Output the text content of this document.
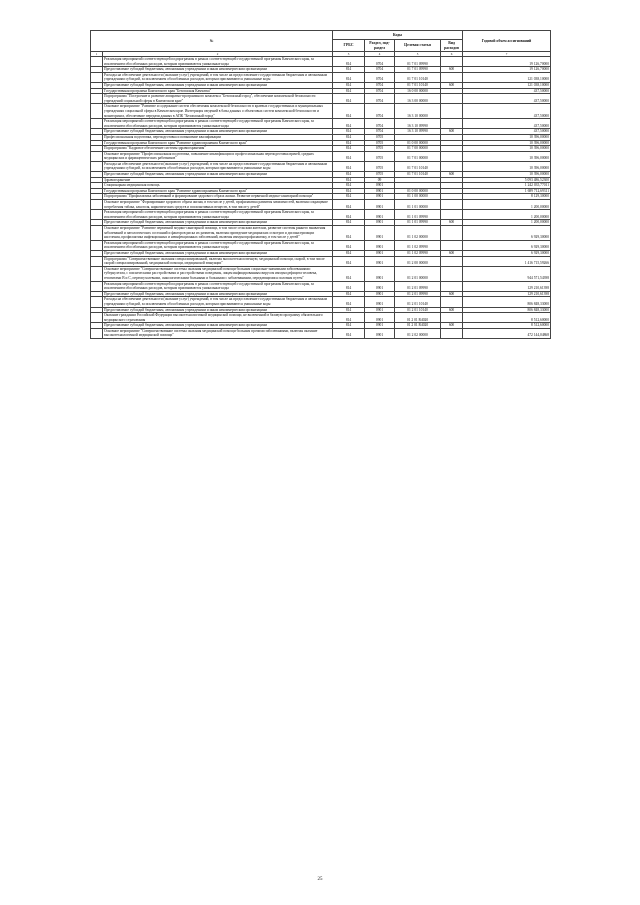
№		Коды				Годовой объем ассигнований
		ГРБС	Раздел, под-раздел	Целевая статья	Вид расходов	
1	2	3	4	5	6	7
	Реализация мероприятий соответствующей подпрограммы в рамках соответствующей государственной программы Камчатского края, за исключением обособленных расходов, которым присваиваются уникальные коды	814	0704	01 7 01 09990		19 126,70000
	Предоставление субсидий бюджетным, автономным учреждениям и иным некоммерческим организациям	814	0704	01 7 01 09990	600	19 126,70000
	Расходы на обеспечение деятельности (оказание услуг) учреждений, в том числе на предоставление государственным бюджетным и автономным учреждениям субсидий, за исключением обособленных расходов, которым присваиваются уникальные коды	814	0704	01 7 01 10140		121 038,10000
	Предоставление субсидий бюджетным, автономным учреждениям и иным некоммерческим организациям	814	0704	01 7 01 10140	600	121 038,10000
	Государственная программа Камчатского края "Безопасная Камчатка"	814	0704	16 0 00 00000		437,50000
	Подпрограмма "Построение и развитие аппаратно-программного комплекса "Безопасный город", обеспечение комплексной безопасности учреждений социальной сферы в Камчатском крае"	814	0704	16 3 00 00000		437,50000
	Основное мероприятие "Развитие и содержание систем обеспечения комплексной безопасности в краевых государственных и муниципальных учреждениях социальной сферы в Камчатском крае. Интеграция сведений в базы данных о объектовых систем комплексной безопасности и мониторинга, обеспечение передачи данных в АПК "Безопасный город"	814	0704	16 3 10 00000		437,50000
	Реализация мероприятий соответствующей подпрограммы в рамках соответствующей государственной программы Камчатского края, за исключением обособленных расходов, которым присваиваются уникальные коды	814	0704	16 3 10 09990		437,50000
	Предоставление субсидий бюджетным, автономным учреждениям и иным некоммерческим организациям	814	0704	16 3 10 09990	600	437,50000
	Профессиональная подготовка, переподготовка и повышение квалификации	814	0705			10 396,00000
	Государственная программа Камчатского края "Развитие здравоохранения Камчатского края"	814	0705	01 0 00 00000		10 396,00000
	Подпрограмма "Кадровое обеспечение системы здравоохранения"	814	0705	01 7 00 00000		10 396,00000
	Основное мероприятие "Профессиональная подготовка, повышение квалификации и профессиональная переподготовка врачей, средних медицинских и фармацевтических работников"	814	0705	01 7 01 00000		10 396,00000
	Расходы на обеспечение деятельности (оказание услуг) учреждений, в том числе на предоставление государственным бюджетным и автономным учреждениям субсидий, за исключением обособленных расходов, которым присваиваются уникальные коды	814	0705	01 7 01 10140		10 396,00000
	Предоставление субсидий бюджетным, автономным учреждениям и иным некоммерческим организациям	814	0705	01 7 01 10140	600	10 396,00000
	Здравоохранение	814	09			5 093 486,52300
	Стационарная медицинская помощь	814	0901			1 242 035,77011
	Государственная программа Камчатского края "Развитие здравоохранения Камчатского края"	814	0901	01 0 00 00000		1 689 712,69311
	Подпрограмма "Профилактика заболеваний и формирование здорового образа жизни. Развитие первичной медико-санитарной помощи"	814	0901	01 1 00 00000		8 129,30000
	Основное мероприятие "Формирование здорового образа жизни, в том числе у детей, профилактика развития зависимостей, включая сокращение потребления табака, алкоголя, наркотических средств и психоактивных веществ, в том числе у детей"	814	0901	01 1 01 00000		1 200,00000
	Реализация мероприятий соответствующей подпрограммы в рамках соответствующей государственной программы Камчатского края, за исключением обособленных расходов, которым присваиваются уникальные коды	814	0901	01 1 01 09990		1 200,00000
	Предоставление субсидий бюджетным, автономным учреждениям и иным некоммерческим организациям	814	0901	01 1 01 09990	600	1 200,00000
	Основное мероприятие "Развитие первичной медико-санитарной помощи, в том числе сельским жителям, развитие системы раннего выявления заболеваний и патологических состояний и факторов риска их развития, включая проведение медицинских осмотров и диспансеризации населения, профилактика инфекционных и неинфекционных заболеваний, включая иммунопрофилактику, в том числе у детей"	814	0901	01 1 02 00000		6 929,30000
	Реализация мероприятий соответствующей подпрограммы в рамках соответствующей государственной программы Камчатского края, за исключением обособленных расходов, которым присваиваются уникальные коды	814	0901	01 1 02 09990		6 929,30000
	Предоставление субсидий бюджетным, автономным учреждениям и иным некоммерческим организациям	814	0901	01 1 02 09990	600	6 929,30000
	Подпрограмма "Совершенствование оказания специализированной, включая высокотехнологичную, медицинской помощи, скорой, в том числе скорой специализированной, медицинской помощи, медицинской эвакуации"	814	0901	01 2 00 00000		1 416 715,59266
	Основное мероприятие "Совершенствование системы оказания медицинской помощи больным социально-значимыми заболеваниями: туберкулезом, с психическими расстройствами и расстройствами поведения, лицам инфицированным вирусом иммунодефицита человека, гепатитами В и С, переопухолевыми, онкологическими больными и больными с заболеваниями, передающимися половым путем"	814	0901	01 2 01 00000		944 571,54398
	Реализация мероприятий соответствующей подпрограммы в рамках соответствующей государственной программы Камчатского края, за исключением обособленных расходов, которым присваиваются уникальные коды	814	0901	01 2 01 09990		129 210,61398
	Предоставление субсидий бюджетным, автономным учреждениям и иным некоммерческим организациям	814	0901	01 2 01 09990	600	129 210,61398
	Расходы на обеспечение деятельности (оказание услуг) учреждений, в том числе на предоставление государственным бюджетным и автономным учреждениям субсидий, за исключением обособленных расходов, которым присваиваются уникальные коды	814	0901	01 2 01 10140		806 848,33000
	Предоставление субсидий бюджетным, автономным учреждениям и иным некоммерческим организациям	814	0901	01 2 01 10140	600	806 848,33000
	Оказание гражданам Российской Федерации высокотехнологичной медицинской помощи, не включенной в базовую программу обязательного медицинского страхования	814	0901	01 2 01 R4020		8 512,60000
	Предоставление субсидий бюджетным, автономным учреждениям и иным некоммерческим организациям	814	0901	01 2 01 R4020	600	8 512,60000
	Основное мероприятие "Совершенствование системы оказания медицинской помощи больным прочими заболеваниями, включая оказание высокотехнологичной медицинской помощи"	814	0901	01 2 02 00000		472 144,04868
25
